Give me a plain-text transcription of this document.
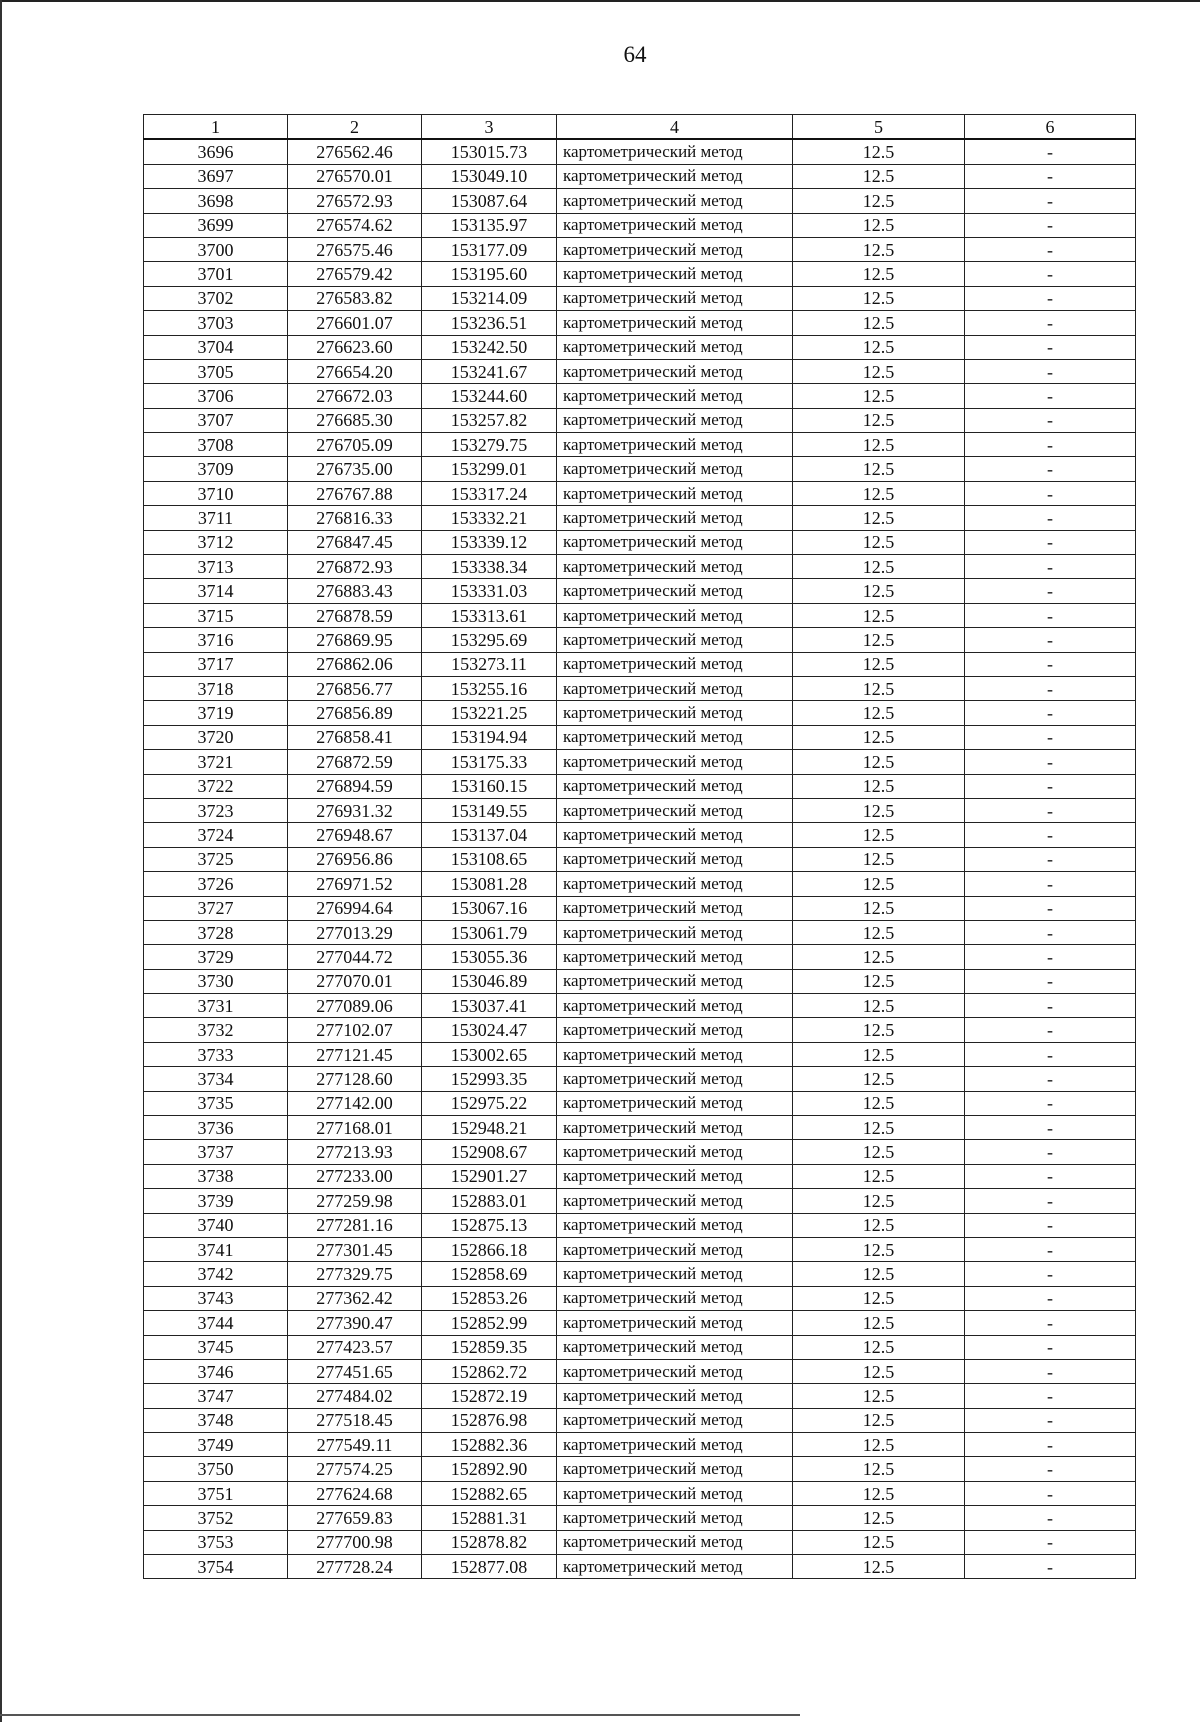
64
1	2	3	4	5	6
3696	276562.46	153015.73	картометрический метод	12.5	-
3697	276570.01	153049.10	картометрический метод	12.5	-
3698	276572.93	153087.64	картометрический метод	12.5	-
3699	276574.62	153135.97	картометрический метод	12.5	-
3700	276575.46	153177.09	картометрический метод	12.5	-
3701	276579.42	153195.60	картометрический метод	12.5	-
3702	276583.82	153214.09	картометрический метод	12.5	-
3703	276601.07	153236.51	картометрический метод	12.5	-
3704	276623.60	153242.50	картометрический метод	12.5	-
3705	276654.20	153241.67	картометрический метод	12.5	-
3706	276672.03	153244.60	картометрический метод	12.5	-
3707	276685.30	153257.82	картометрический метод	12.5	-
3708	276705.09	153279.75	картометрический метод	12.5	-
3709	276735.00	153299.01	картометрический метод	12.5	-
3710	276767.88	153317.24	картометрический метод	12.5	-
3711	276816.33	153332.21	картометрический метод	12.5	-
3712	276847.45	153339.12	картометрический метод	12.5	-
3713	276872.93	153338.34	картометрический метод	12.5	-
3714	276883.43	153331.03	картометрический метод	12.5	-
3715	276878.59	153313.61	картометрический метод	12.5	-
3716	276869.95	153295.69	картометрический метод	12.5	-
3717	276862.06	153273.11	картометрический метод	12.5	-
3718	276856.77	153255.16	картометрический метод	12.5	-
3719	276856.89	153221.25	картометрический метод	12.5	-
3720	276858.41	153194.94	картометрический метод	12.5	-
3721	276872.59	153175.33	картометрический метод	12.5	-
3722	276894.59	153160.15	картометрический метод	12.5	-
3723	276931.32	153149.55	картометрический метод	12.5	-
3724	276948.67	153137.04	картометрический метод	12.5	-
3725	276956.86	153108.65	картометрический метод	12.5	-
3726	276971.52	153081.28	картометрический метод	12.5	-
3727	276994.64	153067.16	картометрический метод	12.5	-
3728	277013.29	153061.79	картометрический метод	12.5	-
3729	277044.72	153055.36	картометрический метод	12.5	-
3730	277070.01	153046.89	картометрический метод	12.5	-
3731	277089.06	153037.41	картометрический метод	12.5	-
3732	277102.07	153024.47	картометрический метод	12.5	-
3733	277121.45	153002.65	картометрический метод	12.5	-
3734	277128.60	152993.35	картометрический метод	12.5	-
3735	277142.00	152975.22	картометрический метод	12.5	-
3736	277168.01	152948.21	картометрический метод	12.5	-
3737	277213.93	152908.67	картометрический метод	12.5	-
3738	277233.00	152901.27	картометрический метод	12.5	-
3739	277259.98	152883.01	картометрический метод	12.5	-
3740	277281.16	152875.13	картометрический метод	12.5	-
3741	277301.45	152866.18	картометрический метод	12.5	-
3742	277329.75	152858.69	картометрический метод	12.5	-
3743	277362.42	152853.26	картометрический метод	12.5	-
3744	277390.47	152852.99	картометрический метод	12.5	-
3745	277423.57	152859.35	картометрический метод	12.5	-
3746	277451.65	152862.72	картометрический метод	12.5	-
3747	277484.02	152872.19	картометрический метод	12.5	-
3748	277518.45	152876.98	картометрический метод	12.5	-
3749	277549.11	152882.36	картометрический метод	12.5	-
3750	277574.25	152892.90	картометрический метод	12.5	-
3751	277624.68	152882.65	картометрический метод	12.5	-
3752	277659.83	152881.31	картометрический метод	12.5	-
3753	277700.98	152878.82	картометрический метод	12.5	-
3754	277728.24	152877.08	картометрический метод	12.5	-
